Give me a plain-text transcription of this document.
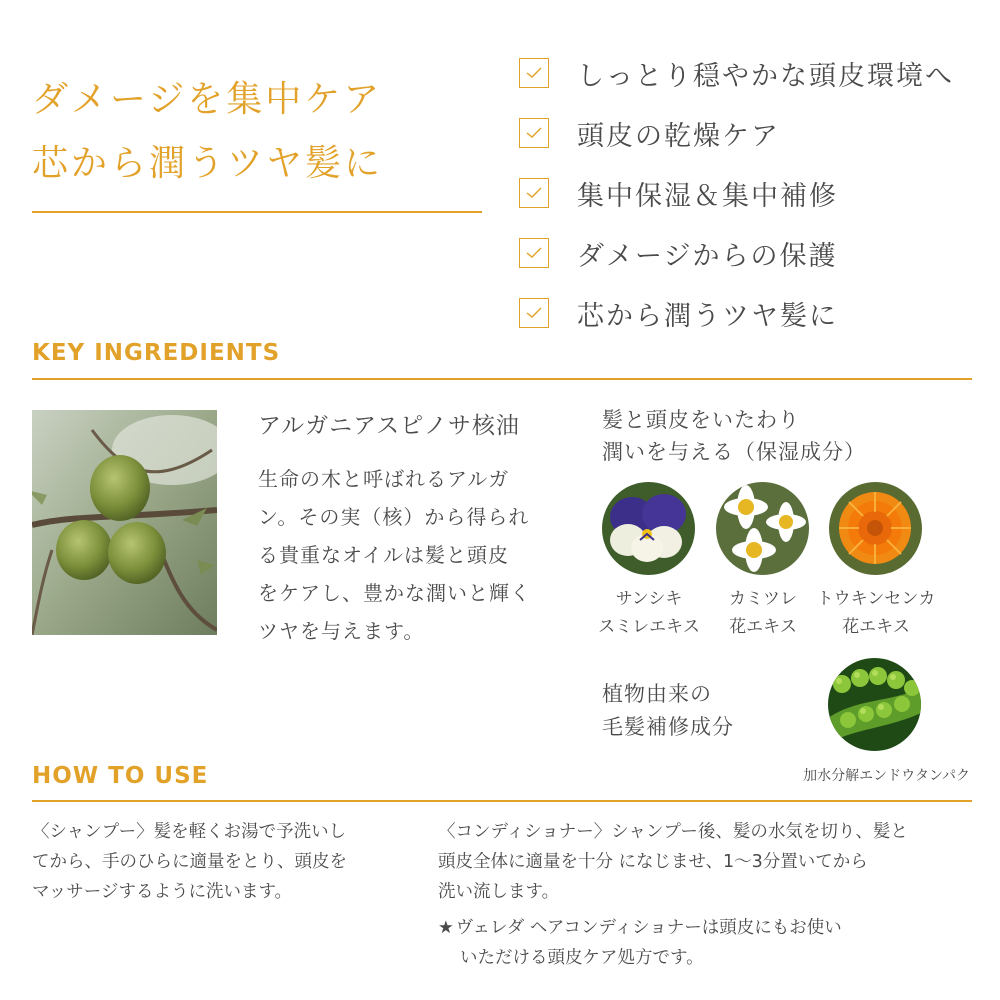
ダメージを集中ケア
芯から潤うツヤ髪に
しっとり穏やかな頭皮環境へ
頭皮の乾燥ケア
集中保湿＆集中補修
ダメージからの保護
芯から潤うツヤ髪に
KEY INGREDIENTS
アルガニアスピノサ核油
生命の木と呼ばれるアルガ
ン。その実（核）から得られ
る貴重なオイルは髪と頭皮
をケアし、豊かな潤いと輝く
ツヤを与えます。
髪と頭皮をいたわり
潤いを与える（保湿成分）
サンシキ
スミレエキス
カミツレ
花エキス
トウキンセンカ
花エキス
植物由来の
毛髪補修成分
加水分解エンドウタンパク
HOW TO USE
〈シャンプー〉髪を軽くお湯で予洗いし
てから、手のひらに適量をとり、頭皮を
マッサージするように洗います。
〈コンディショナー〉シャンプー後、髪の水気を切り、髪と
頭皮全体に適量を十分 になじませ、1〜3分置いてから
洗い流します。
★ ヴェレダ ヘアコンディショナーは頭皮にもお使い
いただける頭皮ケア処方です。
